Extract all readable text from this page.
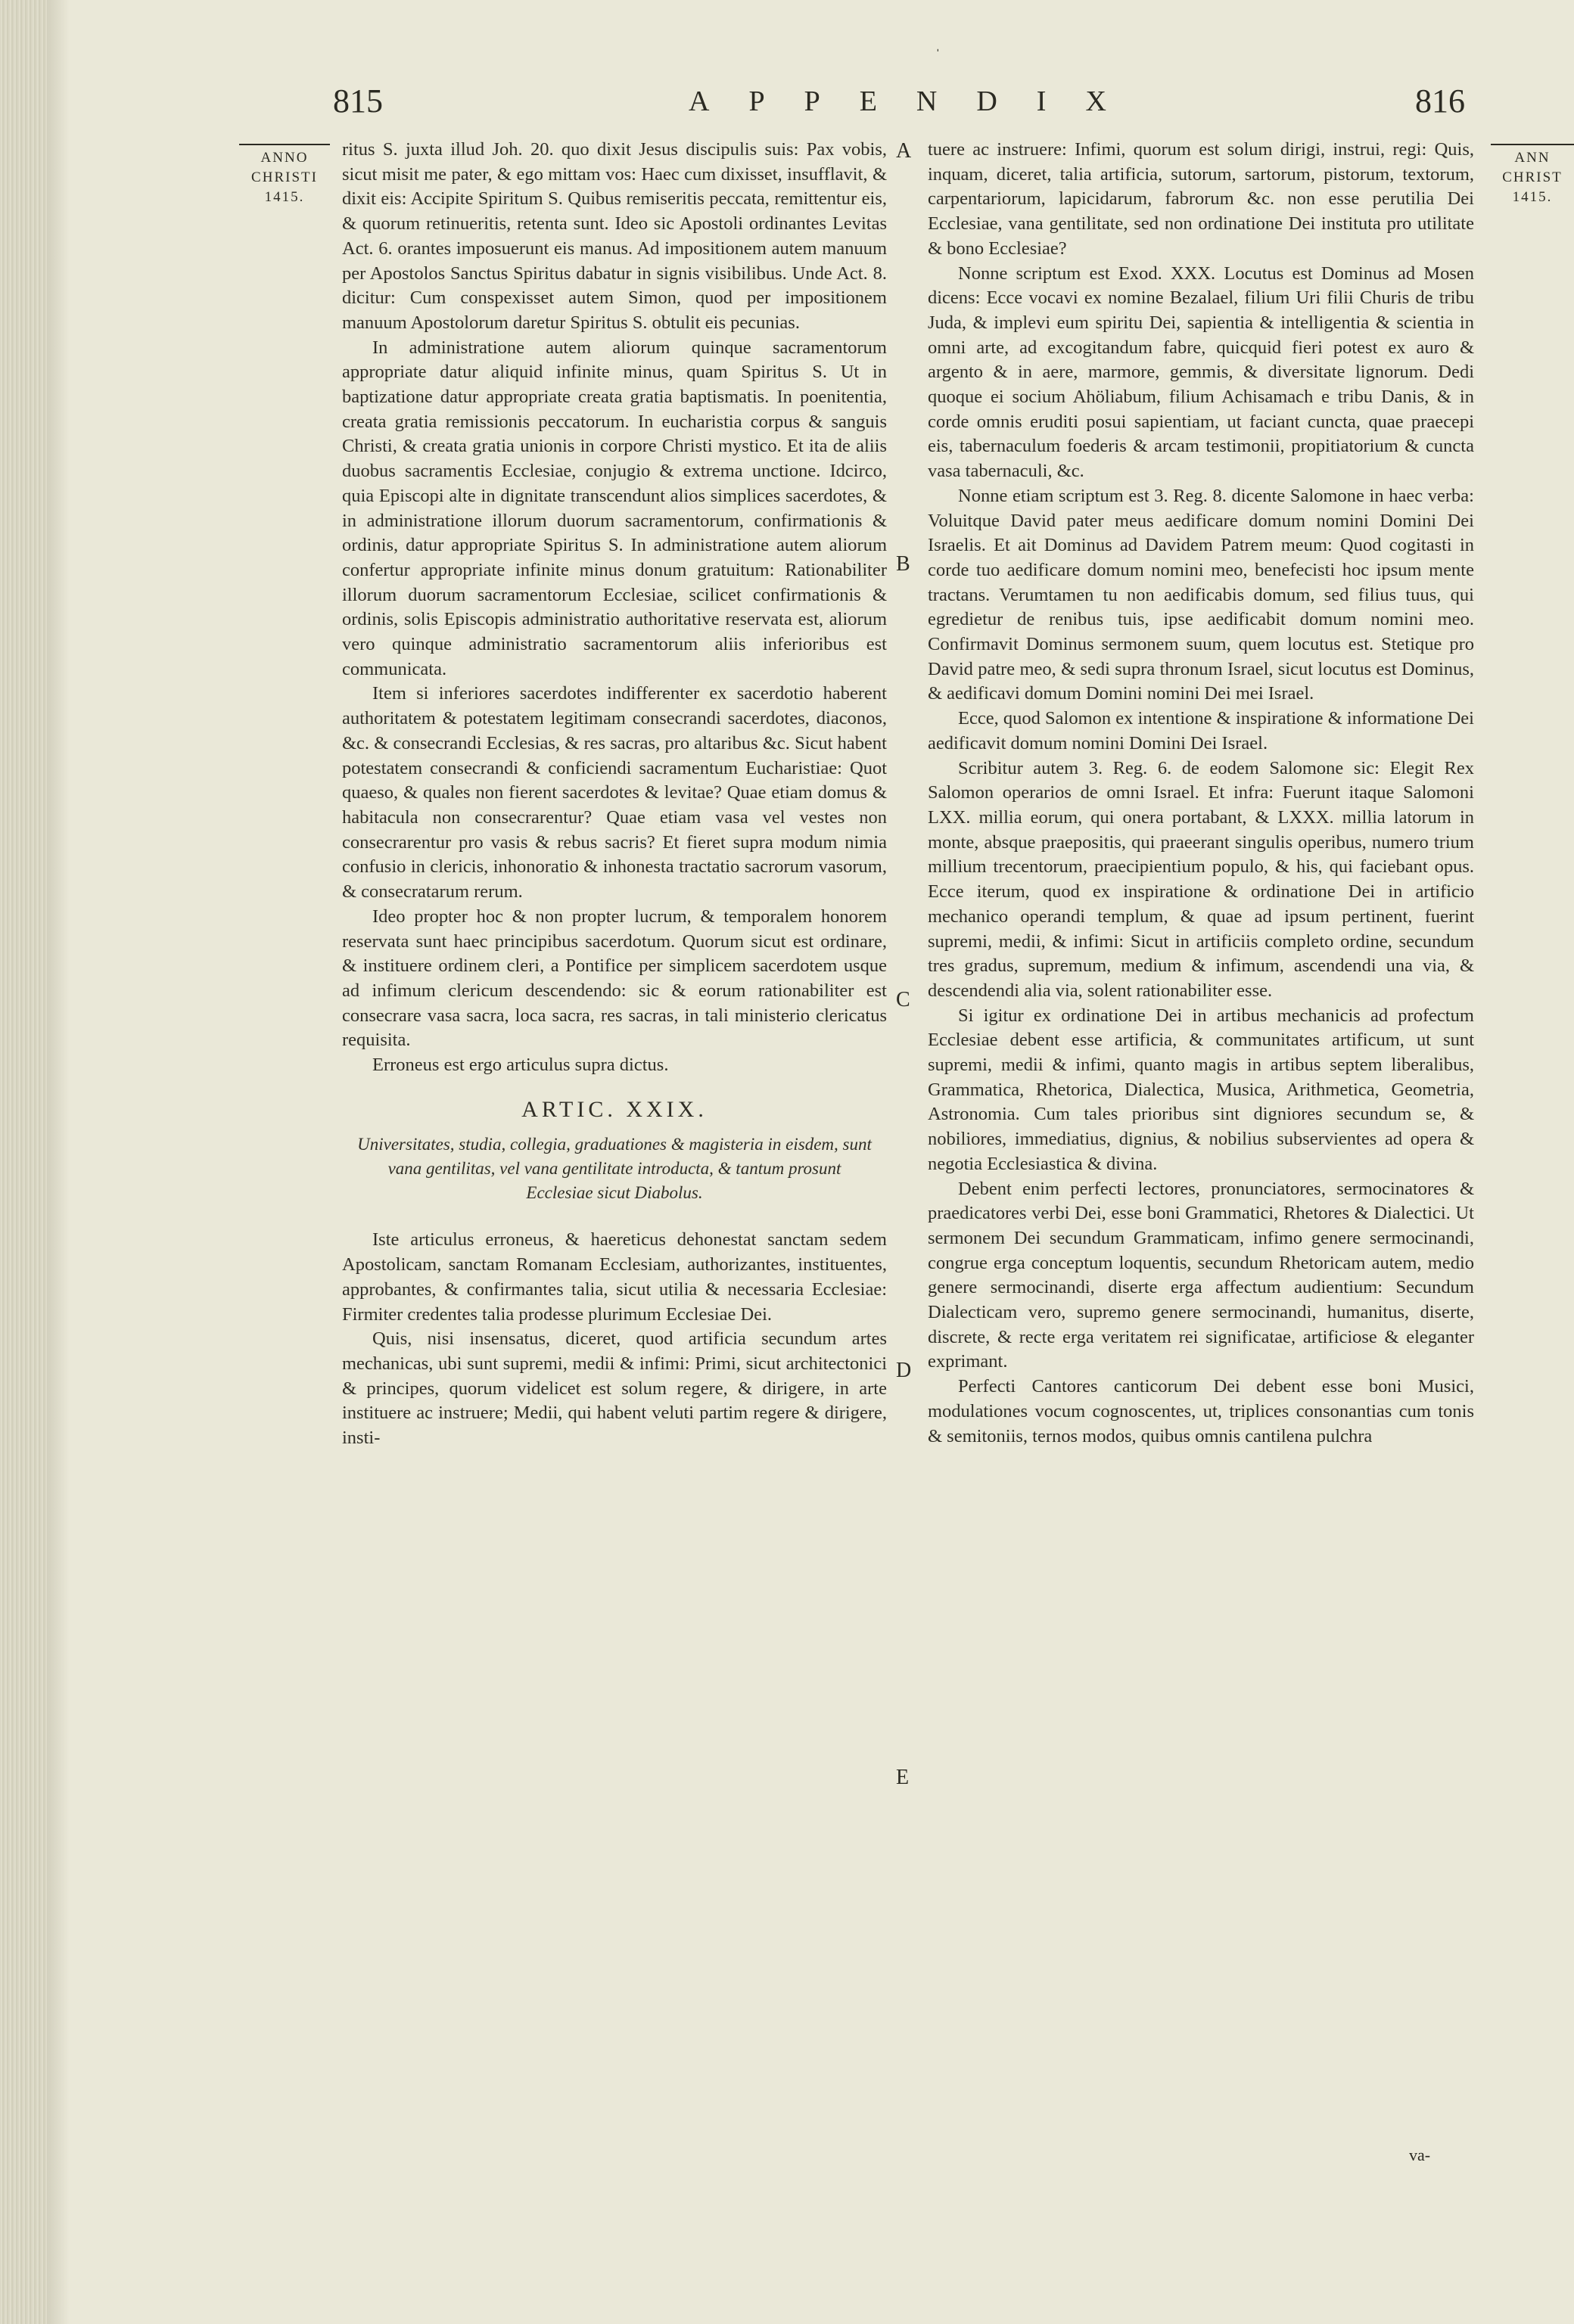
ˈ
815	APPENDIX	816
ANNO
CHRISTI
1415.
ANN
CHRIST
1415.
A
B
C
D
E

ritus S. juxta illud Joh. 20. quo dixit Jesus discipulis suis: Pax vobis, sicut misit me pater, & ego mittam vos: Haec cum dixisset, insufflavit, & dixit eis: Accipite Spiritum S. Quibus remiseritis peccata, remittentur eis, & quorum retinueritis, retenta sunt. Ideo sic Apostoli ordinantes Levitas Act. 6. orantes imposuerunt eis manus. Ad impositionem autem manuum per Apostolos Sanctus Spiritus dabatur in signis visibilibus. Unde Act. 8. dicitur: Cum conspexisset autem Simon, quod per impositionem manuum Apostolorum daretur Spiritus S. obtulit eis pecunias.

In administratione autem aliorum quinque sacramentorum appropriate datur aliquid infinite minus, quam Spiritus S. Ut in baptizatione datur appropriate creata gratia baptismatis. In poenitentia, creata gratia remissionis peccatorum. In eucharistia corpus & sanguis Christi, & creata gratia unionis in corpore Christi mystico. Et ita de aliis duobus sacramentis Ecclesiae, conjugio & extrema unctione. Idcirco, quia Episcopi alte in dignitate transcendunt alios simplices sacerdotes, & in administratione illorum duorum sacramentorum, confirmationis & ordinis, datur appropriate Spiritus S. In administratione autem aliorum confertur appropriate infinite minus donum gratuitum: Rationabiliter illorum duorum sacramentorum Ecclesiae, scilicet confirmationis & ordinis, solis Episcopis administratio authoritative reservata est, aliorum vero quinque administratio sacramentorum aliis inferioribus est communicata.

Item si inferiores sacerdotes indifferenter ex sacerdotio haberent authoritatem & potestatem legitimam consecrandi sacerdotes, diaconos, &c. & consecrandi Ecclesias, & res sacras, pro altaribus &c. Sicut habent potestatem consecrandi & conficiendi sacramentum Eucharistiae: Quot quaeso, & quales non fierent sacerdotes & levitae? Quae etiam domus & habitacula non consecrarentur? Quae etiam vasa vel vestes non consecrarentur pro vasis & rebus sacris? Et fieret supra modum nimia confusio in clericis, inhonoratio & inhonesta tractatio sacrorum vasorum, & consecratarum rerum.

Ideo propter hoc & non propter lucrum, & temporalem honorem reservata sunt haec principibus sacerdotum. Quorum sicut est ordinare, & instituere ordinem cleri, a Pontifice per simplicem sacerdotem usque ad infimum clericum descendendo: sic & eorum rationabiliter est consecrare vasa sacra, loca sacra, res sacras, in tali ministerio clericatus requisita.

Erroneus est ergo articulus supra dictus.

ARTIC. XXIX.
Universitates, studia, collegia, graduationes & magisteria in eisdem, sunt vana gentilitas, vel vana gentilitate introducta, & tantum prosunt Ecclesiae sicut Diabolus.

Iste articulus erroneus, & haereticus dehonestat sanctam sedem Apostolicam, sanctam Romanam Ecclesiam, authorizantes, instituentes, approbantes, & confirmantes talia, sicut utilia & necessaria Ecclesiae: Firmiter credentes talia prodesse plurimum Ecclesiae Dei.

Quis, nisi insensatus, diceret, quod artificia secundum artes mechanicas, ubi sunt supremi, medii & infimi: Primi, sicut architectonici & principes, quorum videlicet est solum regere, & dirigere, in arte instituere ac instruere; Medii, qui habent veluti partim regere & dirigere, insti-

tuere ac instruere: Infimi, quorum est solum dirigi, instrui, regi: Quis, inquam, diceret, talia artificia, sutorum, sartorum, pistorum, textorum, carpentariorum, lapicidarum, fabrorum &c. non esse perutilia Dei Ecclesiae, vana gentilitate, sed non ordinatione Dei instituta pro utilitate & bono Ecclesiae?

Nonne scriptum est Exod. XXX. Locutus est Dominus ad Mosen dicens: Ecce vocavi ex nomine Bezalael, filium Uri filii Churis de tribu Juda, & implevi eum spiritu Dei, sapientia & intelligentia & scientia in omni arte, ad excogitandum fabre, quicquid fieri potest ex auro & argento & in aere, marmore, gemmis, & diversitate lignorum. Dedi quoque ei socium Ahöliabum, filium Achisamach e tribu Danis, & in corde omnis eruditi posui sapientiam, ut faciant cuncta, quae praecepi eis, tabernaculum foederis & arcam testimonii, propitiatorium & cuncta vasa tabernaculi, &c.

Nonne etiam scriptum est 3. Reg. 8. dicente Salomone in haec verba: Voluitque David pater meus aedificare domum nomini Domini Dei Israelis. Et ait Dominus ad Davidem Patrem meum: Quod cogitasti in corde tuo aedificare domum nomini meo, benefecisti hoc ipsum mente tractans. Verumtamen tu non aedificabis domum, sed filius tuus, qui egredietur de renibus tuis, ipse aedificabit domum nomini meo. Confirmavit Dominus sermonem suum, quem locutus est. Stetique pro David patre meo, & sedi supra thronum Israel, sicut locutus est Dominus, & aedificavi domum Domini nomini Dei mei Israel.

Ecce, quod Salomon ex intentione & inspiratione & informatione Dei aedificavit domum nomini Domini Dei Israel.

Scribitur autem 3. Reg. 6. de eodem Salomone sic: Elegit Rex Salomon operarios de omni Israel. Et infra: Fuerunt itaque Salomoni LXX. millia eorum, qui onera portabant, & LXXX. millia latorum in monte, absque praepositis, qui praeerant singulis operibus, numero trium millium trecentorum, praecipientium populo, & his, qui faciebant opus. Ecce iterum, quod ex inspiratione & ordinatione Dei in artificio mechanico operandi templum, & quae ad ipsum pertinent, fuerint supremi, medii, & infimi: Sicut in artificiis completo ordine, secundum tres gradus, supremum, medium & infimum, ascendendi una via, & descendendi alia via, solent rationabiliter esse.

Si igitur ex ordinatione Dei in artibus mechanicis ad profectum Ecclesiae debent esse artificia, & communitates artificum, ut sunt supremi, medii & infimi, quanto magis in artibus septem liberalibus, Grammatica, Rhetorica, Dialectica, Musica, Arithmetica, Geometria, Astronomia. Cum tales prioribus sint digniores secundum se, & nobiliores, immediatius, dignius, & nobilius subservientes ad opera & negotia Ecclesiastica & divina.

Debent enim perfecti lectores, pronunciatores, sermocinatores & praedicatores verbi Dei, esse boni Grammatici, Rhetores & Dialectici. Ut sermonem Dei secundum Grammaticam, infimo genere sermocinandi, congrue erga conceptum loquentis, secundum Rhetoricam autem, medio genere sermocinandi, diserte erga affectum audientium: Secundum Dialecticam vero, supremo genere sermocinandi, humanitus, diserte, discrete, & recte erga veritatem rei significatae, artificiose & eleganter exprimant.

Perfecti Cantores canticorum Dei debent esse boni Musici, modulationes vocum cognoscentes, ut, triplices consonantias cum tonis & semitoniis, ternos modos, quibus omnis cantilena pulchra

va-
